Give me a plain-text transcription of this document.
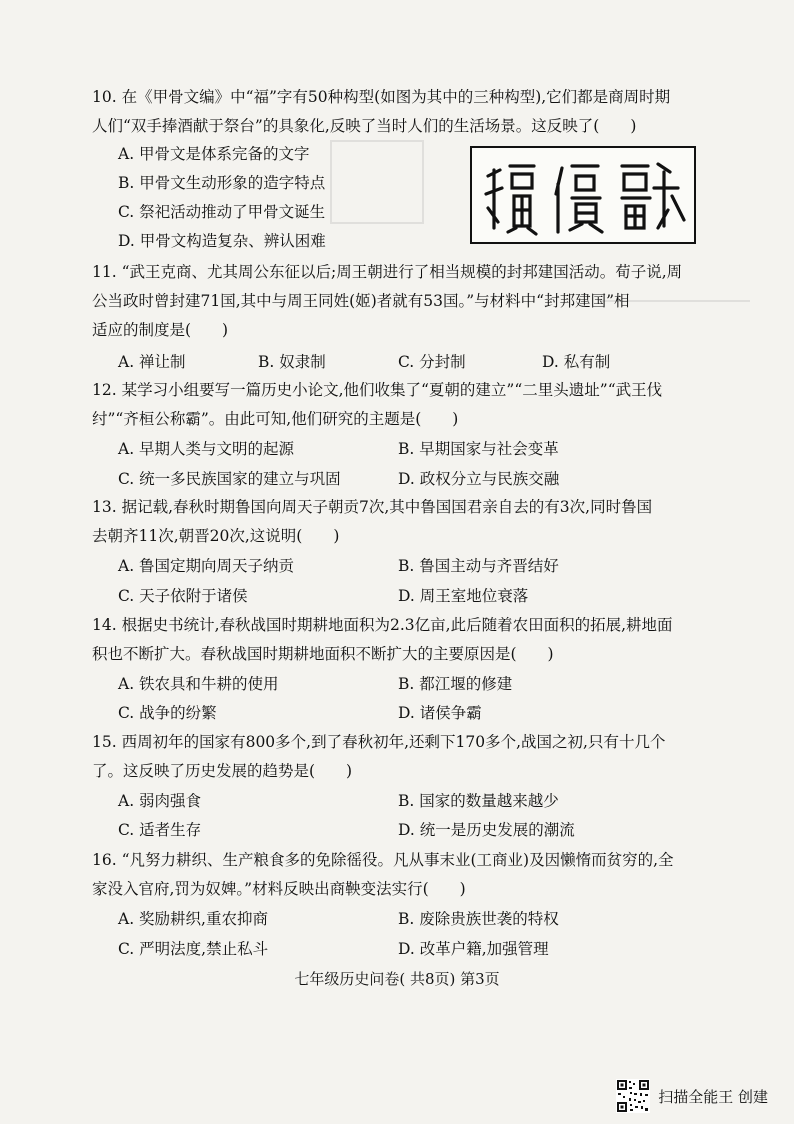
10. 在《甲骨文编》中“福”字有50种构型(如图为其中的三种构型),它们都是商周时期
人们“双手捧酒献于祭台”的具象化,反映了当时人们的生活场景。这反映了(　　)
A. 甲骨文是体系完备的文字
B. 甲骨文生动形象的造字特点
C. 祭祀活动推动了甲骨文诞生
D. 甲骨文构造复杂、辨认困难
11. “武王克商、尤其周公东征以后;周王朝进行了相当规模的封邦建国活动。荀子说,周
公当政时曾封建71国,其中与周王同姓(姬)者就有53国。”与材料中“封邦建国”相
适应的制度是(　　)
A. 禅让制	B. 奴隶制	C. 分封制	D. 私有制
12. 某学习小组要写一篇历史小论文,他们收集了“夏朝的建立”“二里头遗址”“武王伐
纣”“齐桓公称霸”。由此可知,他们研究的主题是(　　)
A. 早期人类与文明的起源	B. 早期国家与社会变革
C. 统一多民族国家的建立与巩固	D. 政权分立与民族交融
13. 据记载,春秋时期鲁国向周天子朝贡7次,其中鲁国国君亲自去的有3次,同时鲁国
去朝齐11次,朝晋20次,这说明(　　)
A. 鲁国定期向周天子纳贡	B. 鲁国主动与齐晋结好
C. 天子依附于诸侯	D. 周王室地位衰落
14. 根据史书统计,春秋战国时期耕地面积为2.3亿亩,此后随着农田面积的拓展,耕地面
积也不断扩大。春秋战国时期耕地面积不断扩大的主要原因是(　　)
A. 铁农具和牛耕的使用	B. 都江堰的修建
C. 战争的纷繁	D. 诸侯争霸
15. 西周初年的国家有800多个,到了春秋初年,还剩下170多个,战国之初,只有十几个
了。这反映了历史发展的趋势是(　　)
A. 弱肉强食	B. 国家的数量越来越少
C. 适者生存	D. 统一是历史发展的潮流
16. “凡努力耕织、生产粮食多的免除徭役。凡从事末业(工商业)及因懒惰而贫穷的,全
家没入官府,罚为奴婢。”材料反映出商鞅变法实行(　　)
A. 奖励耕织,重农抑商	B. 废除贵族世袭的特权
C. 严明法度,禁止私斗	D. 改革户籍,加强管理
七年级历史问卷( 共8页) 第3页
扫描全能王 创建
